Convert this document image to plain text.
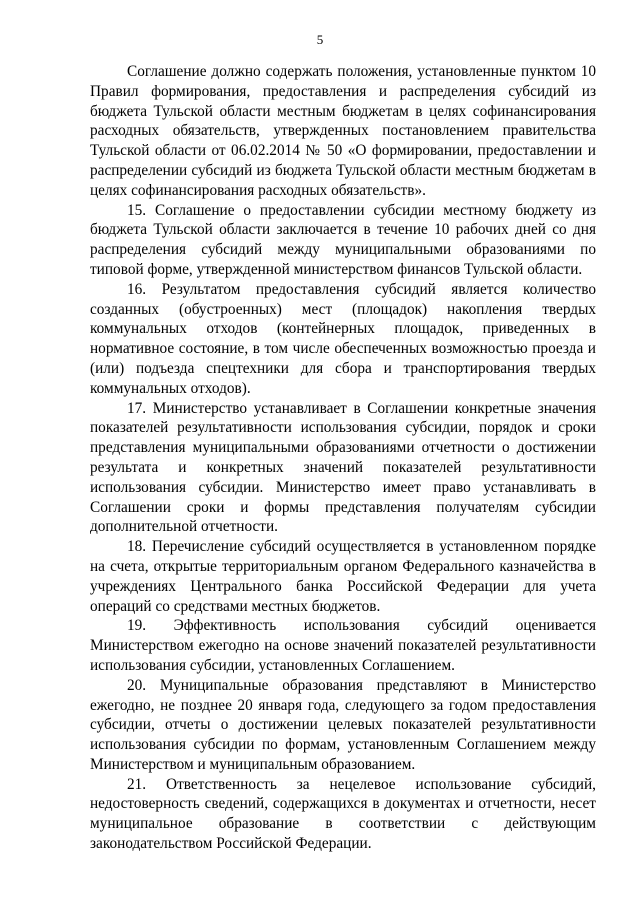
5

Соглашение должно содержать положения, установленные пунктом 10 Правил формирования, предоставления и распределения субсидий из бюджета Тульской области местным бюджетам в целях софинансирования расходных обязательств, утвержденных постановлением правительства Тульской области от 06.02.2014 № 50 «О формировании, предоставлении и распределении субсидий из бюджета Тульской области местным бюджетам в целях софинансирования расходных обязательств».

15. Соглашение о предоставлении субсидии местному бюджету из бюджета Тульской области заключается в течение 10 рабочих дней со дня распределения субсидий между муниципальными образованиями по типовой форме, утвержденной министерством финансов Тульской области.

16. Результатом предоставления субсидий является количество созданных (обустроенных) мест (площадок) накопления твердых коммунальных отходов (контейнерных площадок, приведенных в нормативное состояние, в том числе обеспеченных возможностью проезда и (или) подъезда спецтехники для сбора и транспортирования твердых коммунальных отходов).

17. Министерство устанавливает в Соглашении конкретные значения показателей результативности использования субсидии, порядок и сроки представления муниципальными образованиями отчетности о достижении результата и конкретных значений показателей результативности использования субсидии. Министерство имеет право устанавливать в Соглашении сроки и формы представления получателям субсидии дополнительной отчетности.

18. Перечисление субсидий осуществляется в установленном порядке на счета, открытые территориальным органом Федерального казначейства в учреждениях Центрального банка Российской Федерации для учета операций со средствами местных бюджетов.

19. Эффективность использования субсидий оценивается Министерством ежегодно на основе значений показателей результативности использования субсидии, установленных Соглашением.

20. Муниципальные образования представляют в Министерство ежегодно, не позднее 20 января года, следующего за годом предоставления субсидии, отчеты о достижении целевых показателей результативности использования субсидии по формам, установленным Соглашением между Министерством и муниципальным образованием.

21. Ответственность за нецелевое использование субсидий, недостоверность сведений, содержащихся в документах и отчетности, несет муниципальное образование в соответствии с действующим законодательством Российской Федерации.
